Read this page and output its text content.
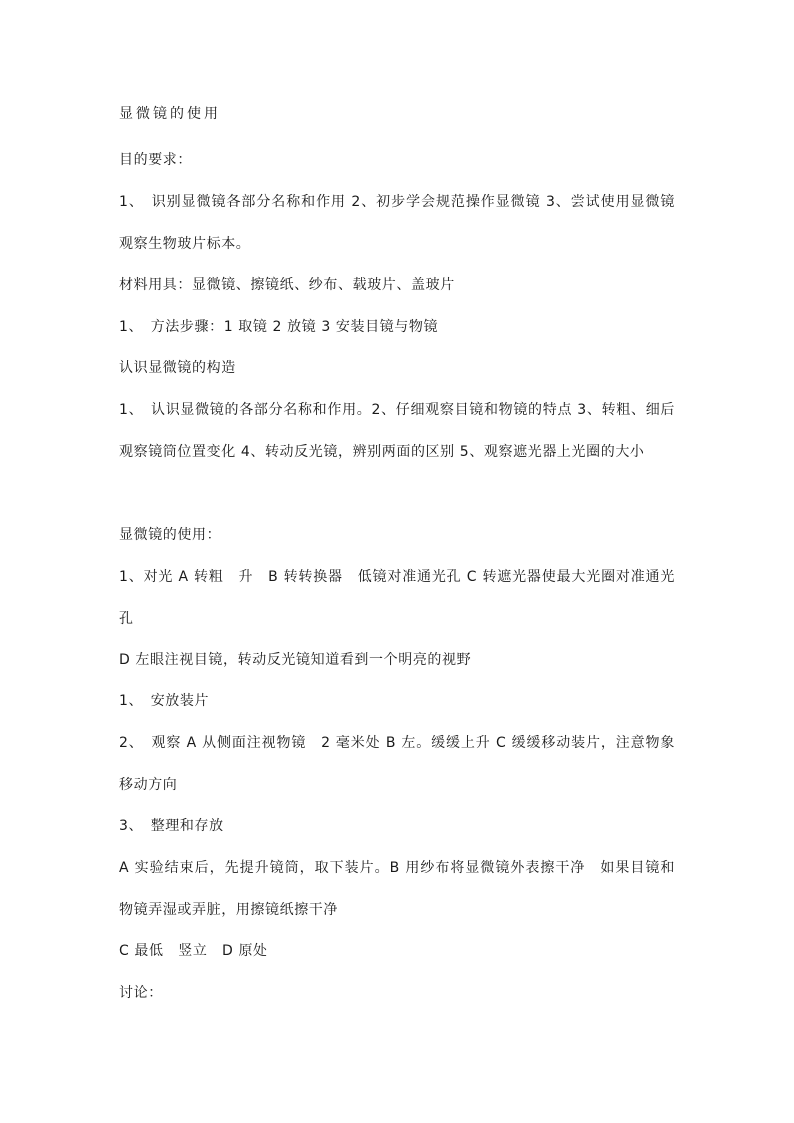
显微镜的使用
目的要求：
1、　识别显微镜各部分名称和作用 2、初步学会规范操作显微镜 3、尝试使用显微镜观察生物玻片标本。
材料用具：显微镜、擦镜纸、纱布、载玻片、盖玻片
1、　方法步骤：1 取镜 2 放镜 3 安装目镜与物镜
认识显微镜的构造
1、　认识显微镜的各部分名称和作用。2、仔细观察目镜和物镜的特点 3、转粗、细后观察镜筒位置变化 4、转动反光镜，辨别两面的区别 5、观察遮光器上光圈的大小
显微镜的使用：
1、对光 A 转粗　升　B 转转换器　低镜对准通光孔 C 转遮光器使最大光圈对准通光孔
D 左眼注视目镜，转动反光镜知道看到一个明亮的视野
1、　安放装片
2、　观察 A 从侧面注视物镜　2 毫米处 B 左。缓缓上升 C 缓缓移动装片，注意物象移动方向
3、　整理和存放
A 实验结束后，先提升镜筒，取下装片。B 用纱布将显微镜外表擦干净　如果目镜和物镜弄湿或弄脏，用擦镜纸擦干净
C 最低　竖立　D 原处
讨论：
